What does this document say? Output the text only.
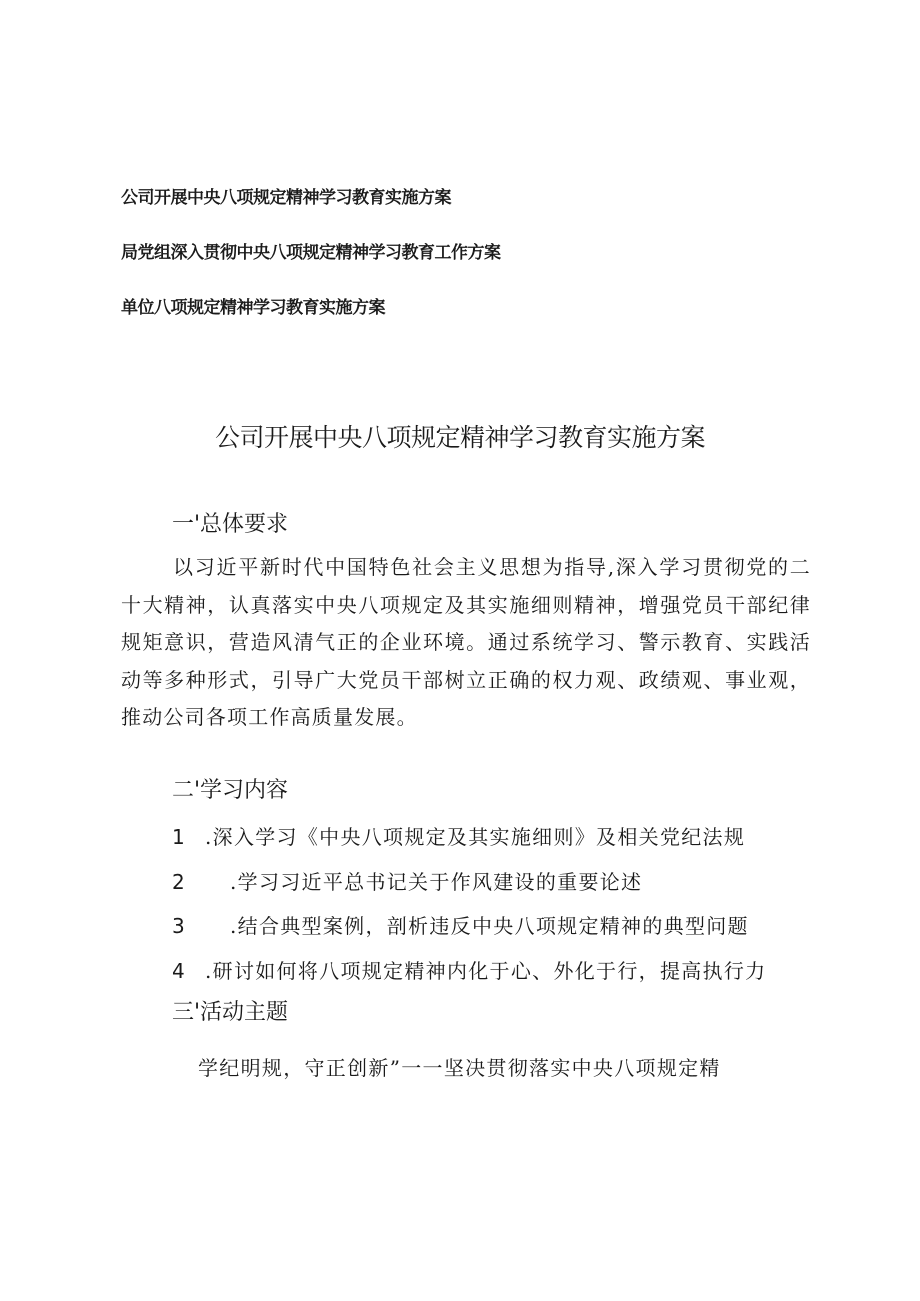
公司开展中央八项规定精神学习教育实施方案
局党组深入贯彻中央八项规定精神学习教育工作方案
单位八项规定精神学习教育实施方案
公司开展中央八项规定精神学习教育实施方案
一'总体要求
以习近平新时代中国特色社会主义思想为指导,深入学习贯彻党的二十大精神，认真落实中央八项规定及其实施细则精神，增强党员干部纪律规矩意识，营造风清气正的企业环境。通过系统学习、警示教育、实践活动等多种形式，引导广大党员干部树立正确的权力观、政绩观、事业观，推动公司各项工作高质量发展。
二'学习内容
1 .深入学习《中央八项规定及其实施细则》及相关党纪法规
2 .学习习近平总书记关于作风建设的重要论述
3 .结合典型案例，剖析违反中央八项规定精神的典型问题
4 .研讨如何将八项规定精神内化于心、外化于行，提高执行力
三'活动主题
学纪明规，守正创新”一一坚决贯彻落实中央八项规定精
